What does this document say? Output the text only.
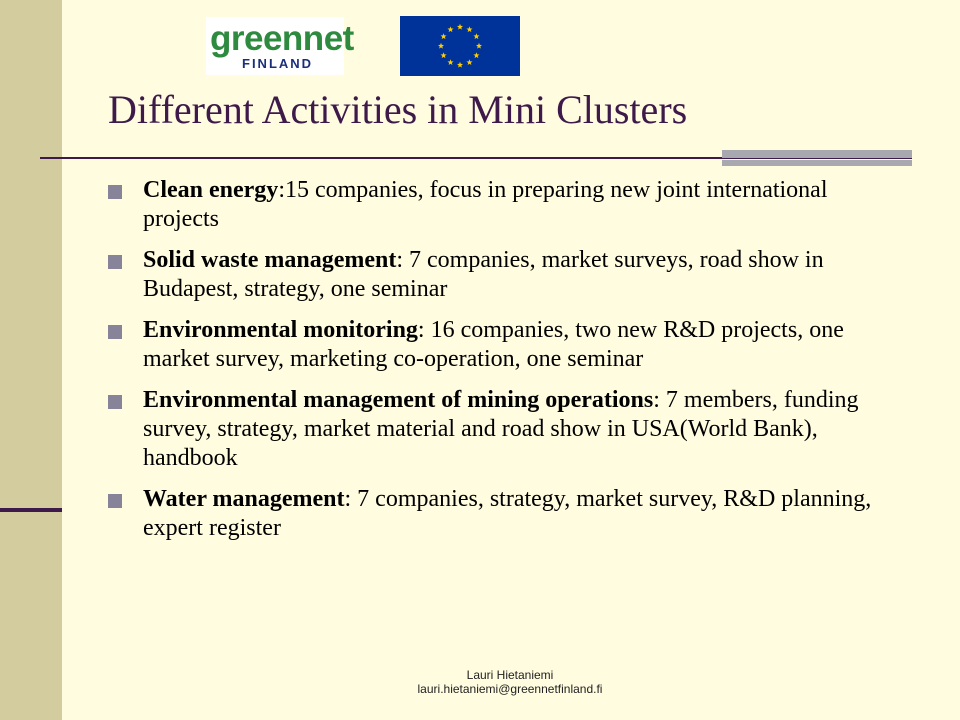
greennet
FINLAND
Different Activities in Mini Clusters
Clean energy:15 companies, focus in preparing new joint international projects
Solid waste management: 7 companies, market surveys, road show in Budapest, strategy, one seminar
Environmental monitoring: 16 companies, two new R&D projects, one market survey, marketing co-operation, one seminar
Environmental management of mining operations: 7 members, funding survey, strategy, market material and road show in USA(World Bank), handbook
Water management: 7 companies, strategy, market survey, R&D planning, expert register
Lauri Hietaniemi
lauri.hietaniemi@greennetfinland.fi
